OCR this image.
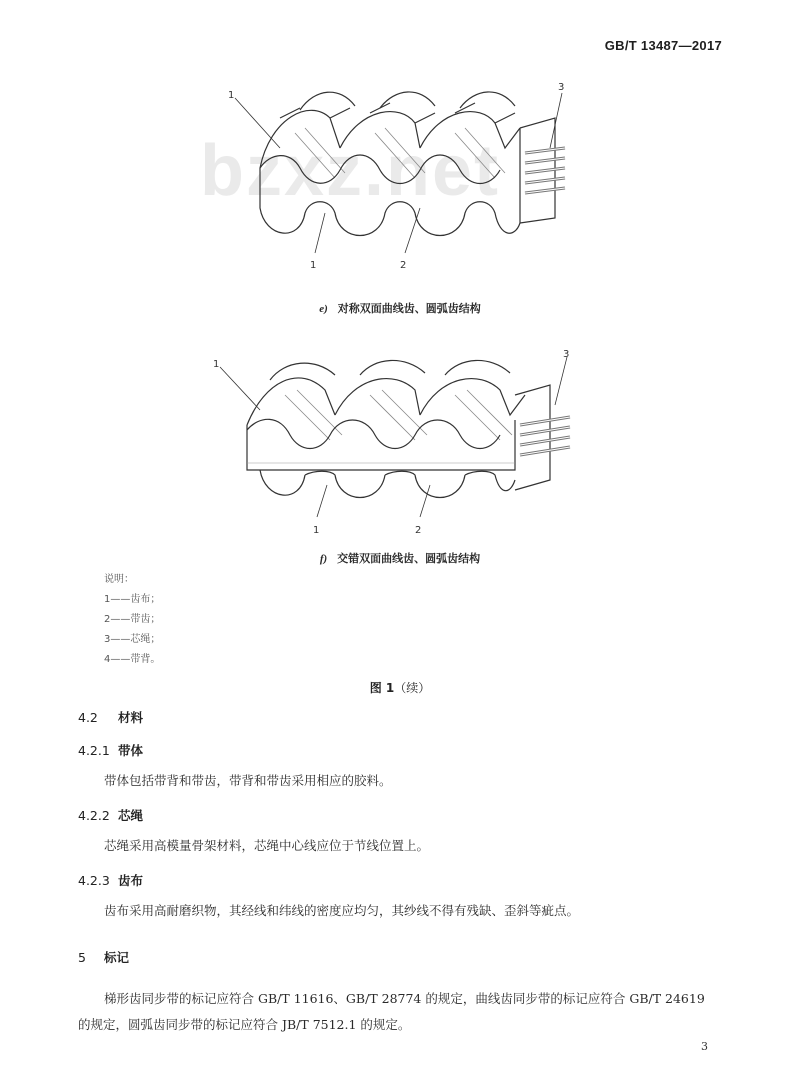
GB/T 13487—2017
bzxz.net
1
3
1	2
e) 对称双面曲线齿、圆弧齿结构
1
3
1	2
f) 交错双面曲线齿、圆弧齿结构
说明：
1——齿布；
2——带齿；
3——芯绳；
4——带背。
图 1（续）
4.2 材料
4.2.1 带体
带体包括带背和带齿，带背和带齿采用相应的胶料。
4.2.2 芯绳
芯绳采用高模量骨架材料，芯绳中心线应位于节线位置上。
4.2.3 齿布
齿布采用高耐磨织物，其经线和纬线的密度应均匀，其纱线不得有残缺、歪斜等疵点。
5 标记
梯形齿同步带的标记应符合 GB/T 11616、GB/T 28774 的规定，曲线齿同步带的标记应符合 GB/T 24619 的规定，圆弧齿同步带的标记应符合 JB/T 7512.1 的规定。
3
